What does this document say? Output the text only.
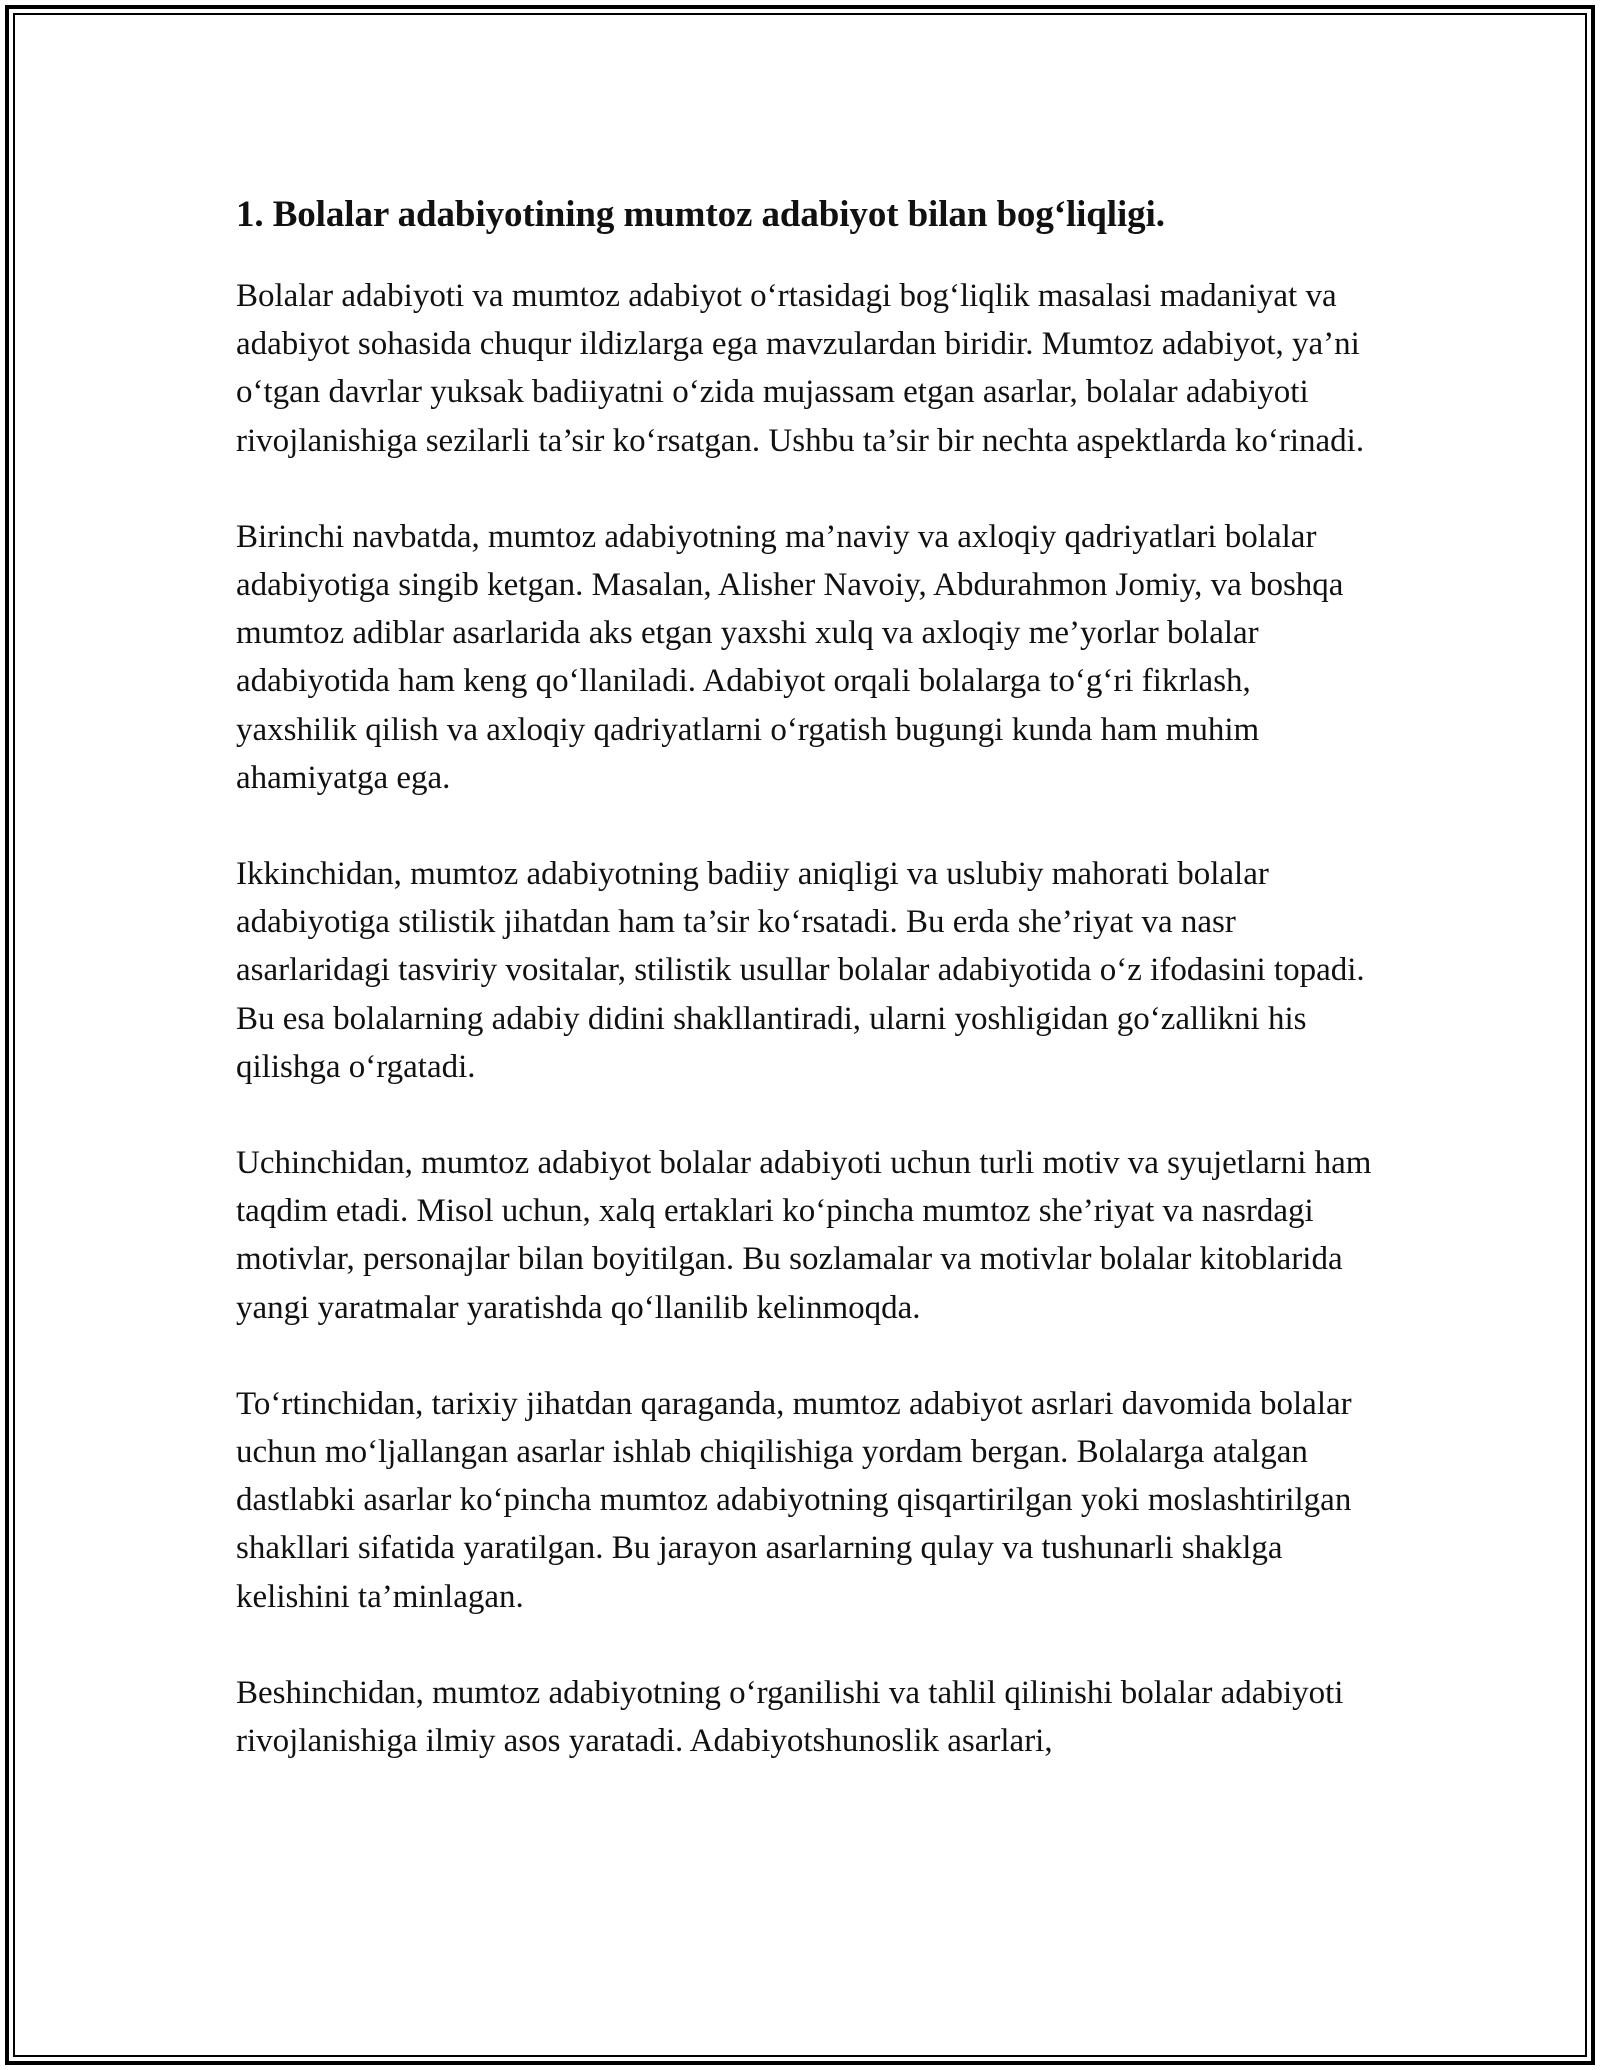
1. Bolalar adabiyotining mumtoz adabiyot bilan bog‘liqligi.

Bolalar adabiyoti va mumtoz adabiyot o‘rtasidagi bog‘liqlik masalasi madaniyat va adabiyot sohasida chuqur ildizlarga ega mavzulardan biridir. Mumtoz adabiyot, ya’ni o‘tgan davrlar yuksak badiiyatni o‘zida mujassam etgan asarlar, bolalar adabiyoti rivojlanishiga sezilarli ta’sir ko‘rsatgan. Ushbu ta’sir bir nechta aspektlarda ko‘rinadi.

Birinchi navbatda, mumtoz adabiyotning ma’naviy va axloqiy qadriyatlari bolalar adabiyotiga singib ketgan. Masalan, Alisher Navoiy, Abdurahmon Jomiy, va boshqa mumtoz adiblar asarlarida aks etgan yaxshi xulq va axloqiy me’yorlar bolalar adabiyotida ham keng qo‘llaniladi. Adabiyot orqali bolalarga to‘g‘ri fikrlash, yaxshilik qilish va axloqiy qadriyatlarni o‘rgatish bugungi kunda ham muhim ahamiyatga ega.

Ikkinchidan, mumtoz adabiyotning badiiy aniqligi va uslubiy mahorati bolalar adabiyotiga stilistik jihatdan ham ta’sir ko‘rsatadi. Bu erda she’riyat va nasr asarlaridagi tasviriy vositalar, stilistik usullar bolalar adabiyotida o‘z ifodasini topadi. Bu esa bolalarning adabiy didini shakllantiradi, ularni yoshligidan go‘zallikni his qilishga o‘rgatadi.

Uchinchidan, mumtoz adabiyot bolalar adabiyoti uchun turli motiv va syujetlarni ham taqdim etadi. Misol uchun, xalq ertaklari ko‘pincha mumtoz she’riyat va nasrdagi motivlar, personajlar bilan boyitilgan. Bu sozlamalar va motivlar bolalar kitoblarida yangi yaratmalar yaratishda qo‘llanilib kelinmoqda.

To‘rtinchidan, tarixiy jihatdan qaraganda, mumtoz adabiyot asrlari davomida bolalar uchun mo‘ljallangan asarlar ishlab chiqilishiga yordam bergan. Bolalarga atalgan dastlabki asarlar ko‘pincha mumtoz adabiyotning qisqartirilgan yoki moslashtirilgan shakllari sifatida yaratilgan. Bu jarayon asarlarning qulay va tushunarli shaklga kelishini ta’minlagan.

Beshinchidan, mumtoz adabiyotning o‘rganilishi va tahlil qilinishi bolalar adabiyoti rivojlanishiga ilmiy asos yaratadi. Adabiyotshunoslik asarlari,
